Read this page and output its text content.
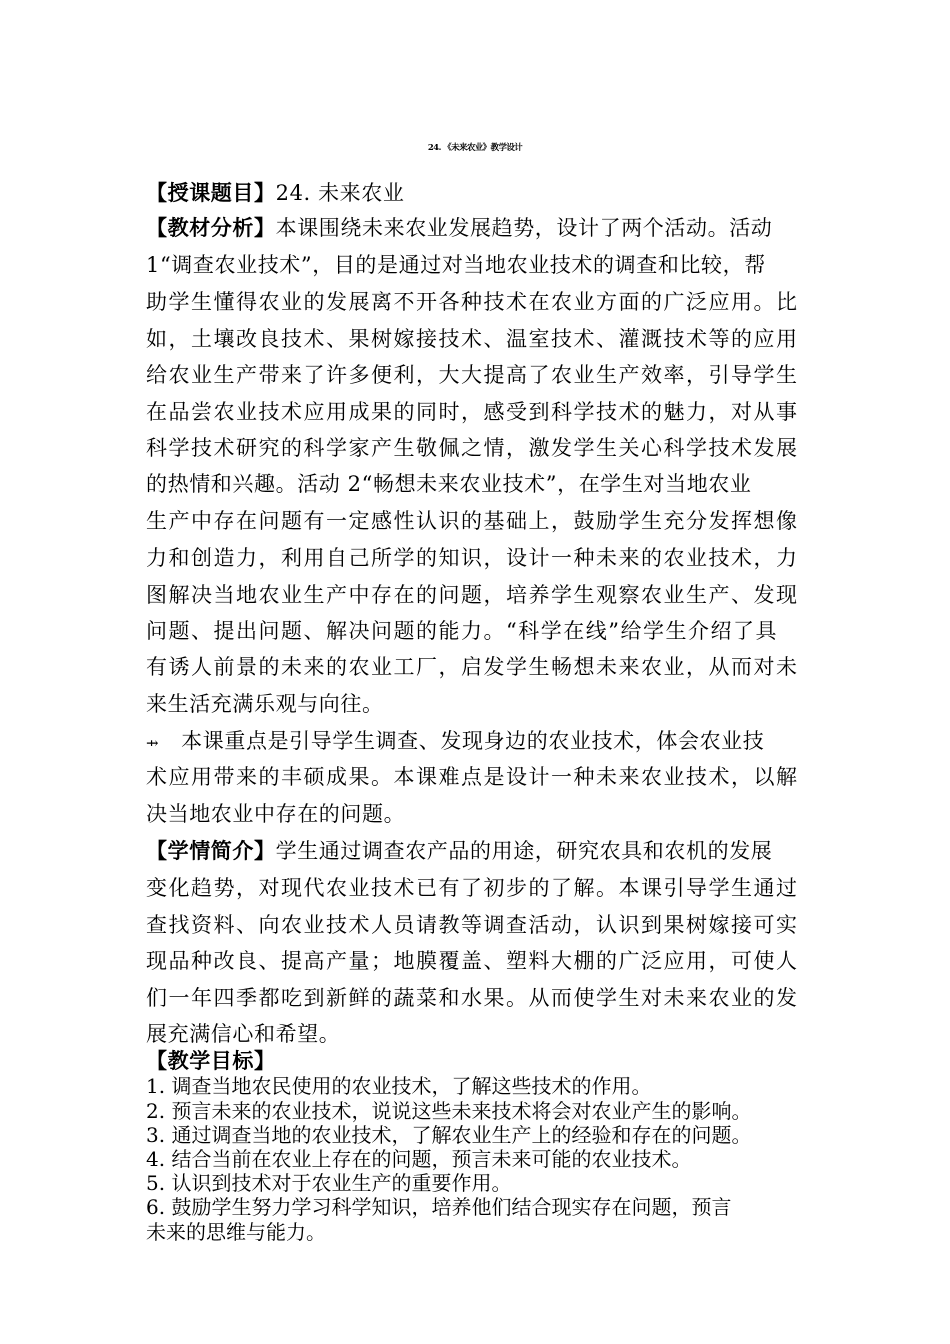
24. 《未来农业》教学设计
【授课题目】24. 未来农业
【教材分析】本课围绕未来农业发展趋势，设计了两个活动。活动
1“调查农业技术”，目的是通过对当地农业技术的调查和比较，帮
助学生懂得农业的发展离不开各种技术在农业方面的广泛应用。比
如，土壤改良技术、果树嫁接技术、温室技术、灌溉技术等的应用
给农业生产带来了许多便利，大大提高了农业生产效率，引导学生
在品尝农业技术应用成果的同时，感受到科学技术的魅力，对从事
科学技术研究的科学家产生敬佩之情，激发学生关心科学技术发展
的热情和兴趣。活动 2“畅想未来农业技术”，在学生对当地农业
生产中存在问题有一定感性认识的基础上，鼓励学生充分发挥想像
力和创造力，利用自己所学的知识，设计一种未来的农业技术，力
图解决当地农业生产中存在的问题，培养学生观察农业生产、发现
问题、提出问题、解决问题的能力。“科学在线”给学生介绍了具
有诱人前景的未来的农业工厂，启发学生畅想未来农业，从而对未
来生活充满乐观与向往。
⇸ 本课重点是引导学生调查、发现身边的农业技术，体会农业技
术应用带来的丰硕成果。本课难点是设计一种未来农业技术，以解
决当地农业中存在的问题。
【学情简介】学生通过调查农产品的用途，研究农具和农机的发展
变化趋势，对现代农业技术已有了初步的了解。本课引导学生通过
查找资料、向农业技术人员请教等调查活动，认识到果树嫁接可实
现品种改良、提高产量；地膜覆盖、塑料大棚的广泛应用，可使人
们一年四季都吃到新鲜的蔬菜和水果。从而使学生对未来农业的发
展充满信心和希望。
【教学目标】
1. 调查当地农民使用的农业技术，了解这些技术的作用。
2. 预言未来的农业技术，说说这些未来技术将会对农业产生的影响。
3. 通过调查当地的农业技术，了解农业生产上的经验和存在的问题。
4. 结合当前在农业上存在的问题，预言未来可能的农业技术。
5. 认识到技术对于农业生产的重要作用。
6. 鼓励学生努力学习科学知识，培养他们结合现实存在问题，预言
未来的思维与能力。
